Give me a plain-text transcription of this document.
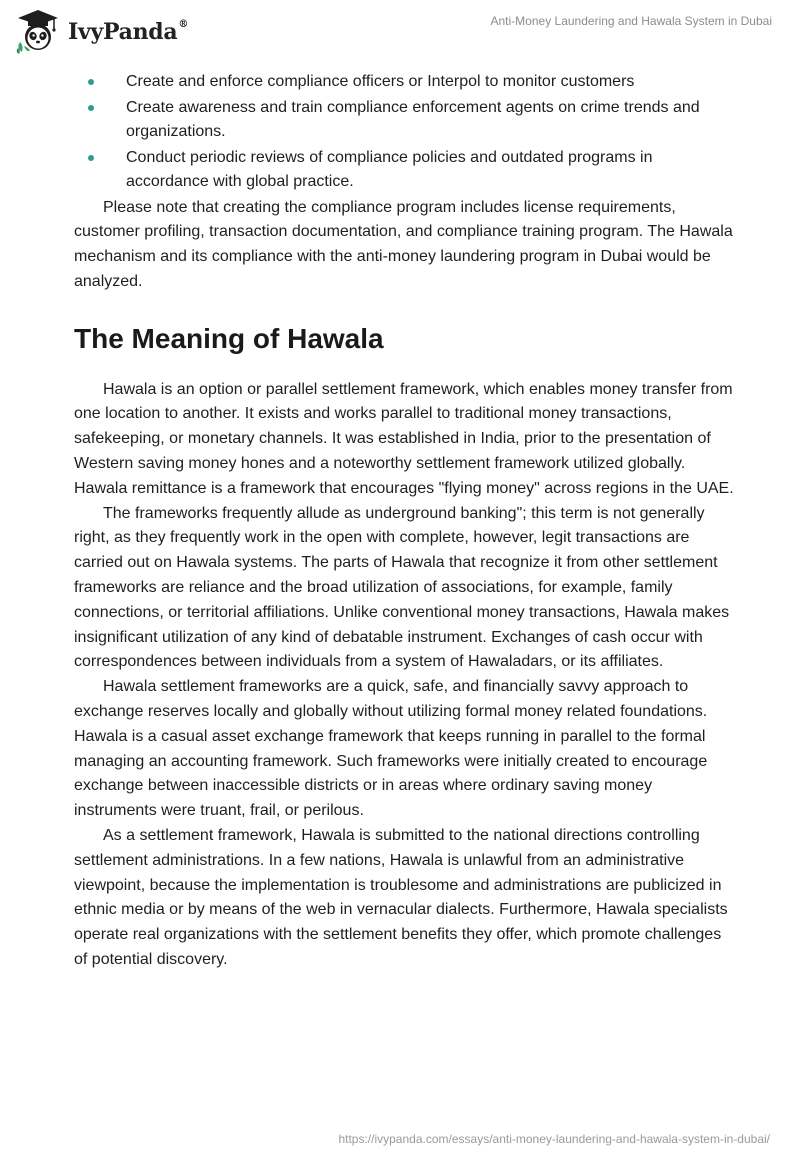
IvyPanda®	Anti-Money Laundering and Hawala System in Dubai
Create and enforce compliance officers or Interpol to monitor customers
Create awareness and train compliance enforcement agents on crime trends and organizations.
Conduct periodic reviews of compliance policies and outdated programs in accordance with global practice.

Please note that creating the compliance program includes license requirements, customer profiling, transaction documentation, and compliance training program. The Hawala mechanism and its compliance with the anti-money laundering program in Dubai would be analyzed.

The Meaning of Hawala

Hawala is an option or parallel settlement framework, which enables money transfer from one location to another. It exists and works parallel to traditional money transactions, safekeeping, or monetary channels. It was established in India, prior to the presentation of Western saving money hones and a noteworthy settlement framework utilized globally. Hawala remittance is a framework that encourages "flying money" across regions in the UAE.

The frameworks frequently allude as underground banking"; this term is not generally right, as they frequently work in the open with complete, however, legit transactions are carried out on Hawala systems. The parts of Hawala that recognize it from other settlement frameworks are reliance and the broad utilization of associations, for example, family connections, or territorial affiliations. Unlike conventional money transactions, Hawala makes insignificant utilization of any kind of debatable instrument. Exchanges of cash occur with correspondences between individuals from a system of Hawaladars, or its affiliates.

Hawala settlement frameworks are a quick, safe, and financially savvy approach to exchange reserves locally and globally without utilizing formal money related foundations. Hawala is a casual asset exchange framework that keeps running in parallel to the formal managing an accounting framework. Such frameworks were initially created to encourage exchange between inaccessible districts or in areas where ordinary saving money instruments were truant, frail, or perilous.

As a settlement framework, Hawala is submitted to the national directions controlling settlement administrations. In a few nations, Hawala is unlawful from an administrative viewpoint, because the implementation is troublesome and administrations are publicized in ethnic media or by means of the web in vernacular dialects. Furthermore, Hawala specialists operate real organizations with the settlement benefits they offer, which promote challenges of potential discovery.

https://ivypanda.com/essays/anti-money-laundering-and-hawala-system-in-dubai/
